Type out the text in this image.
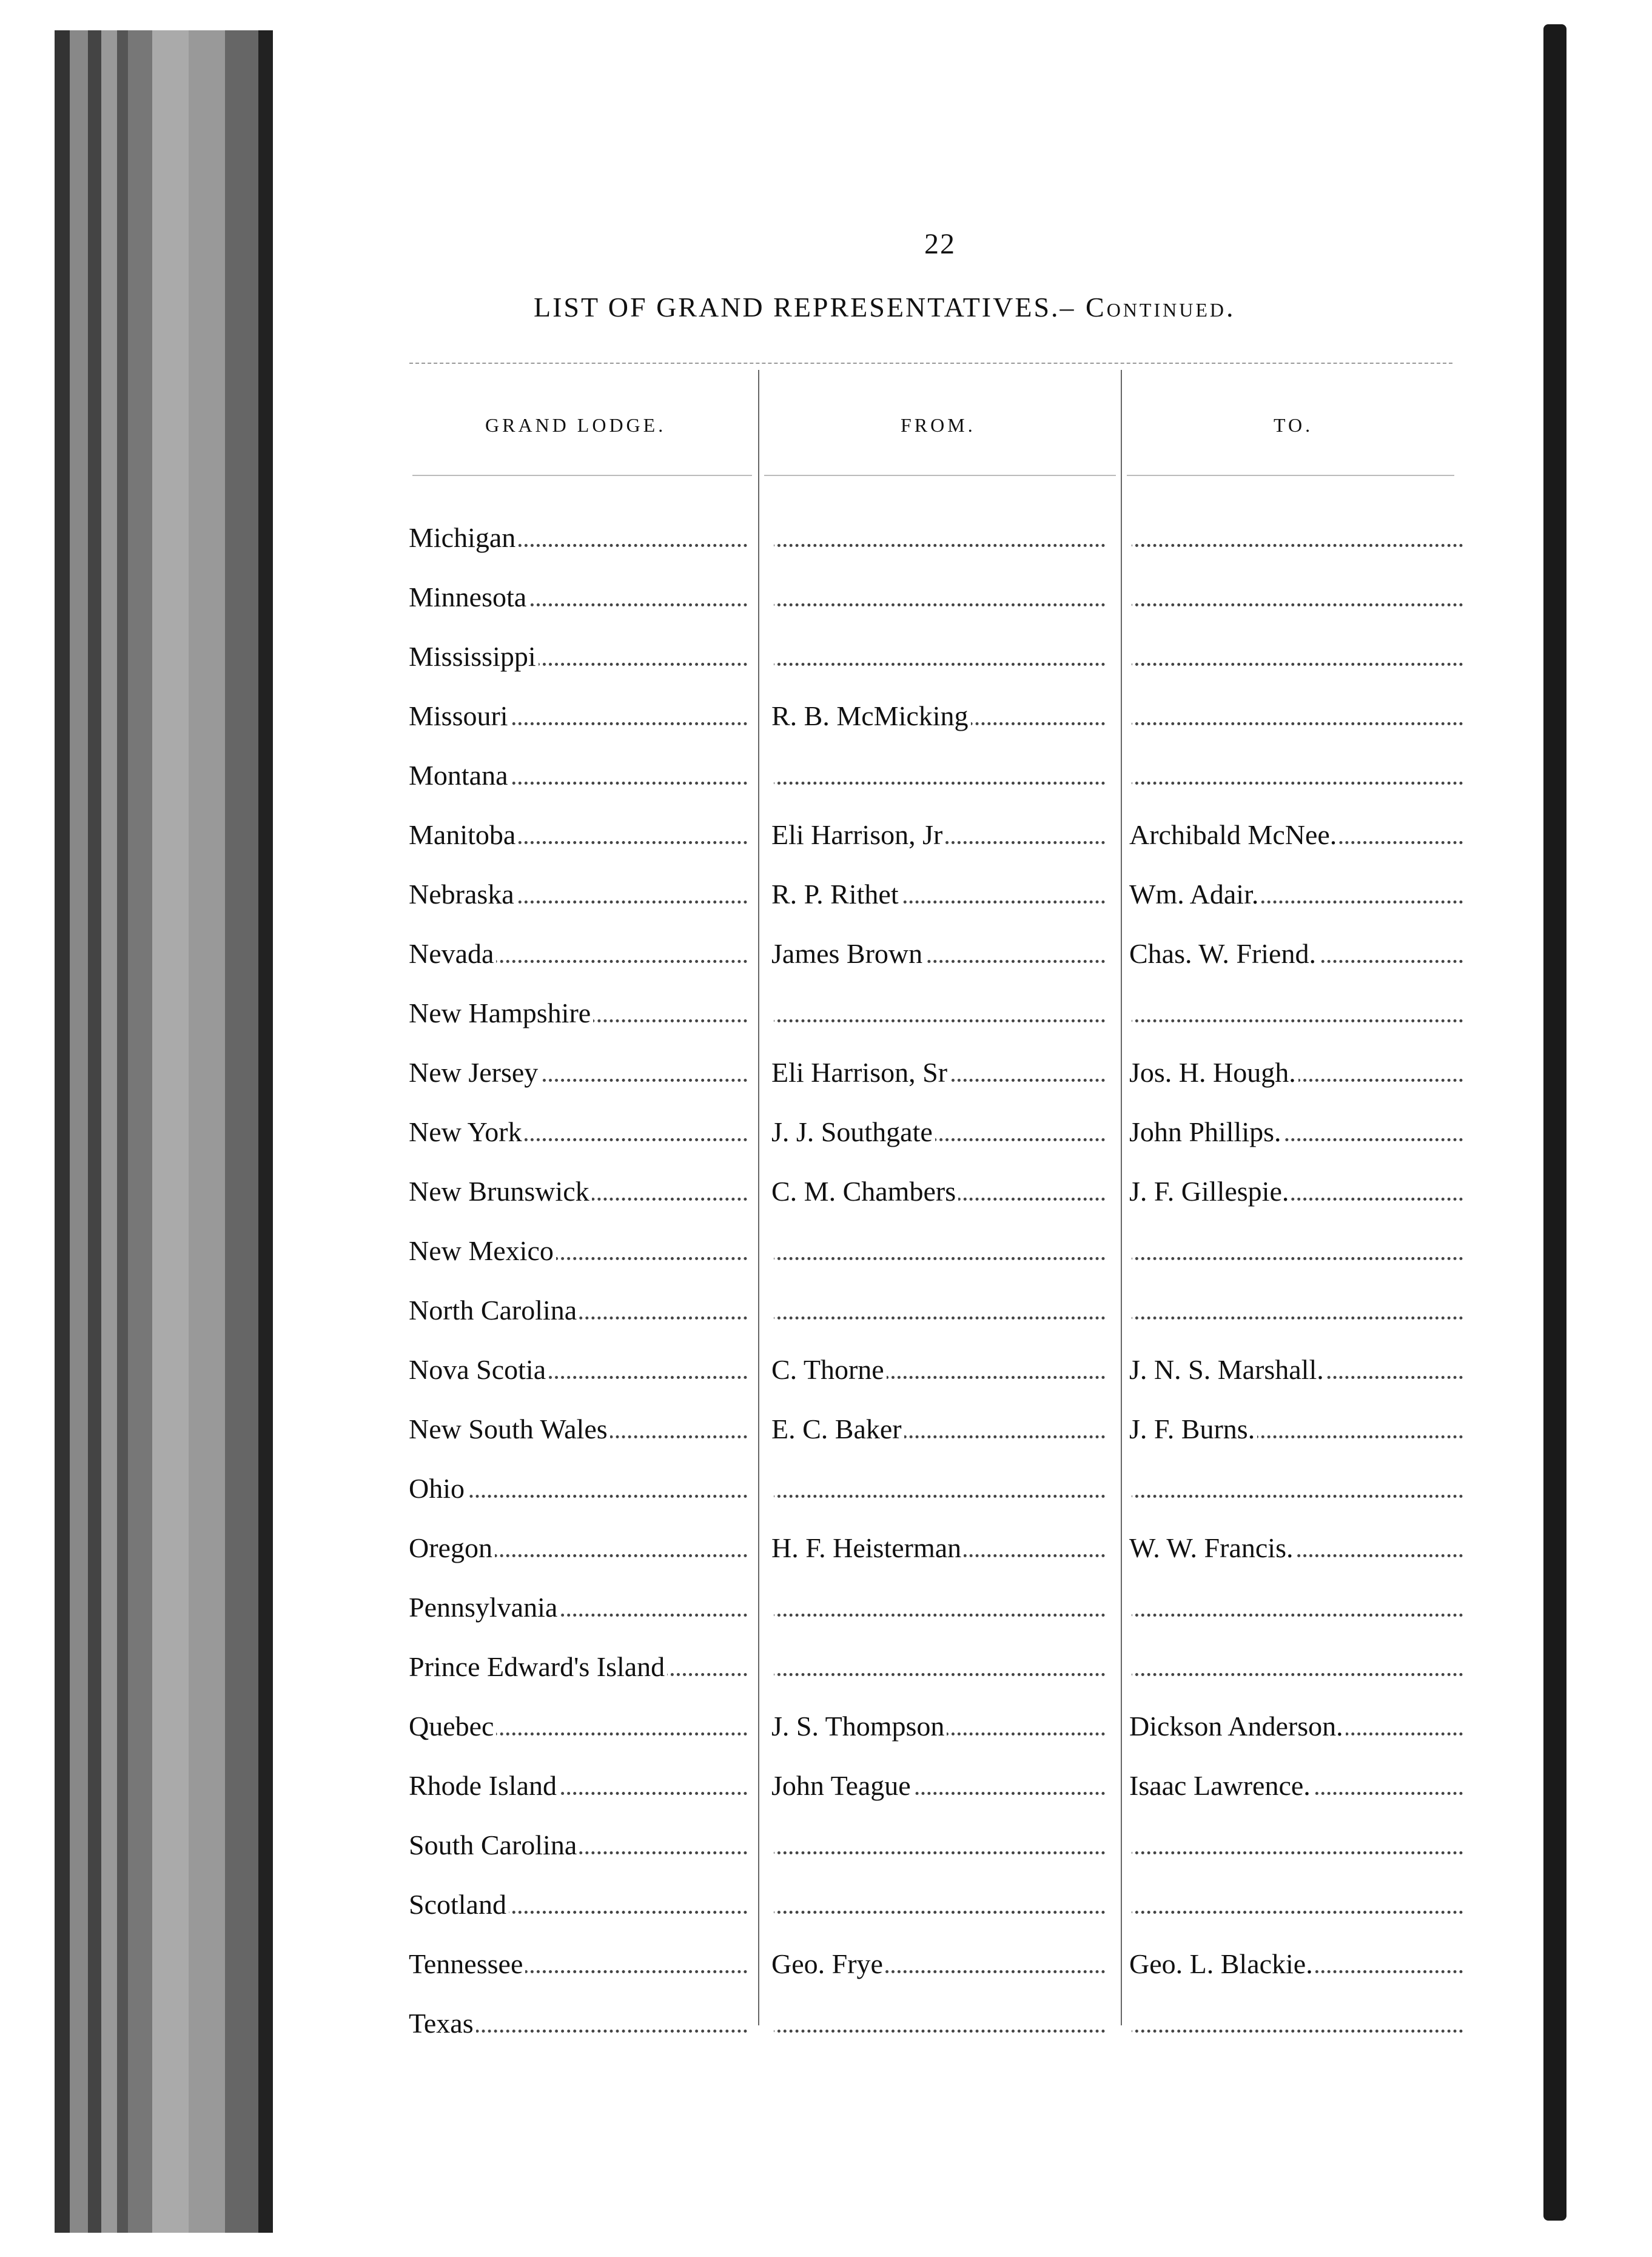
22
LIST OF GRAND REPRESENTATIVES.– Continued.
GRAND LODGE.	FROM.	TO.
Michigan
Minnesota
Mississippi
Missouri	R. B. McMicking
Montana
Manitoba	Eli Harrison, Jr	Archibald McNee.
Nebraska	R. P. Rithet	Wm. Adair.
Nevada	James Brown	Chas. W. Friend.
New Hampshire
New Jersey	Eli Harrison, Sr	Jos. H. Hough.
New York	J. J. Southgate	John Phillips.
New Brunswick	C. M. Chambers	J. F. Gillespie.
New Mexico
North Carolina
Nova Scotia	C. Thorne	J. N. S. Marshall.
New South Wales	E. C. Baker	J. F. Burns.
Ohio
Oregon	H. F. Heisterman	W. W. Francis.
Pennsylvania
Prince Edward's Island
Quebec	J. S. Thompson	Dickson Anderson.
Rhode Island	John Teague	Isaac Lawrence.
South Carolina
Scotland
Tennessee	Geo. Frye	Geo. L. Blackie.
Texas
